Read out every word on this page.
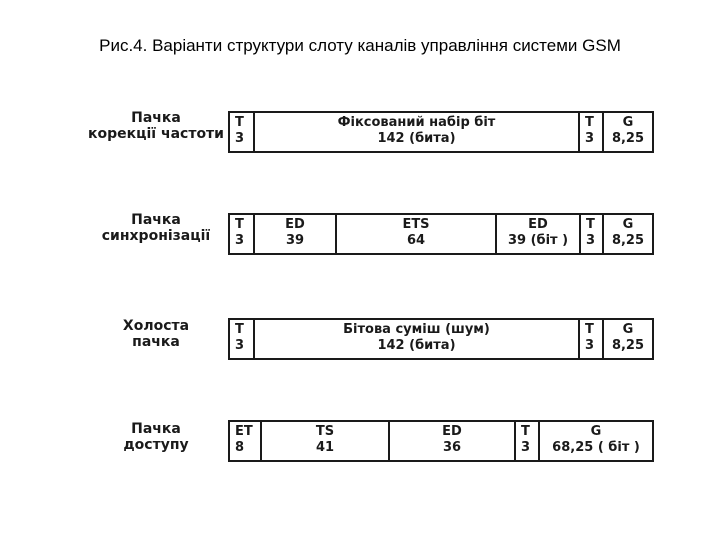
Рис.4. Варіанти структури слоту каналів управління системи GSM
Пачка
корекції частоти
T
3
Фіксований набір біт
142 (бита)
T
3
G
8,25
Пачка
синхронізації
T
3
ED
39
ETS
64
ED
39 (біт )
T
3
G
8,25
Холоста
пачка
T
3
Бітова суміш (шум)
142 (бита)
T
3
G
8,25
Пачка
доступу
ET
8
TS
41
ED
36
T
3
G
68,25 ( біт )
